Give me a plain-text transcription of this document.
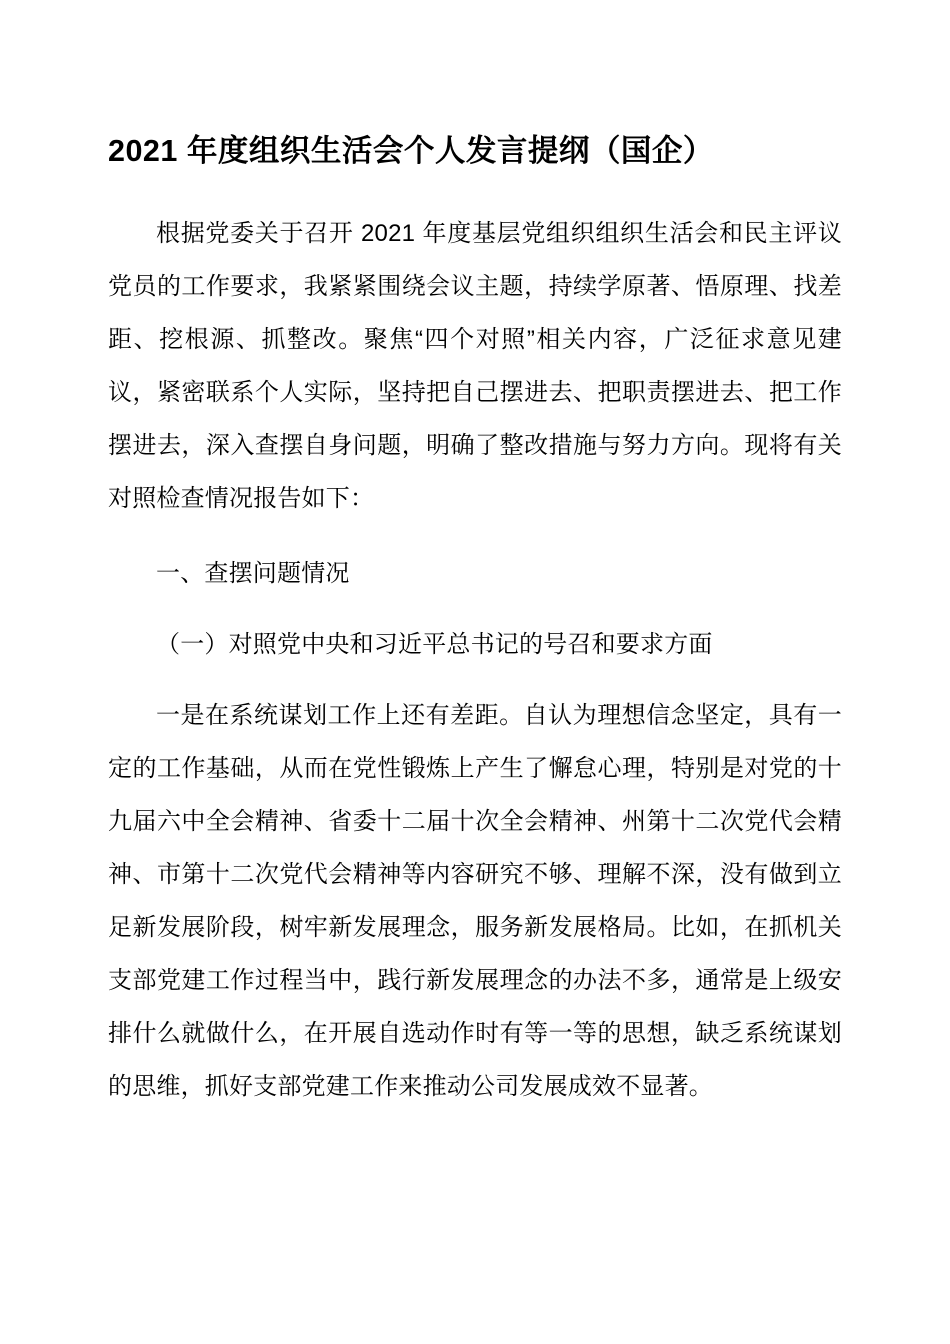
2021 年度组织生活会个人发言提纲（国企）

根据党委关于召开 2021 年度基层党组织组织生活会和民主评议党员的工作要求，我紧紧围绕会议主题，持续学原著、悟原理、找差距、挖根源、抓整改。聚焦“四个对照”相关内容，广泛征求意见建议，紧密联系个人实际，坚持把自己摆进去、把职责摆进去、把工作摆进去，深入查摆自身问题，明确了整改措施与努力方向。现将有关对照检查情况报告如下：

一、查摆问题情况

（一）对照党中央和习近平总书记的号召和要求方面

一是在系统谋划工作上还有差距。自认为理想信念坚定，具有一定的工作基础，从而在党性锻炼上产生了懈怠心理，特别是对党的十九届六中全会精神、省委十二届十次全会精神、州第十二次党代会精神、市第十二次党代会精神等内容研究不够、理解不深，没有做到立足新发展阶段，树牢新发展理念，服务新发展格局。比如，在抓机关支部党建工作过程当中，践行新发展理念的办法不多，通常是上级安排什么就做什么，在开展自选动作时有等一等的思想，缺乏系统谋划的思维，抓好支部党建工作来推动公司发展成效不显著。
